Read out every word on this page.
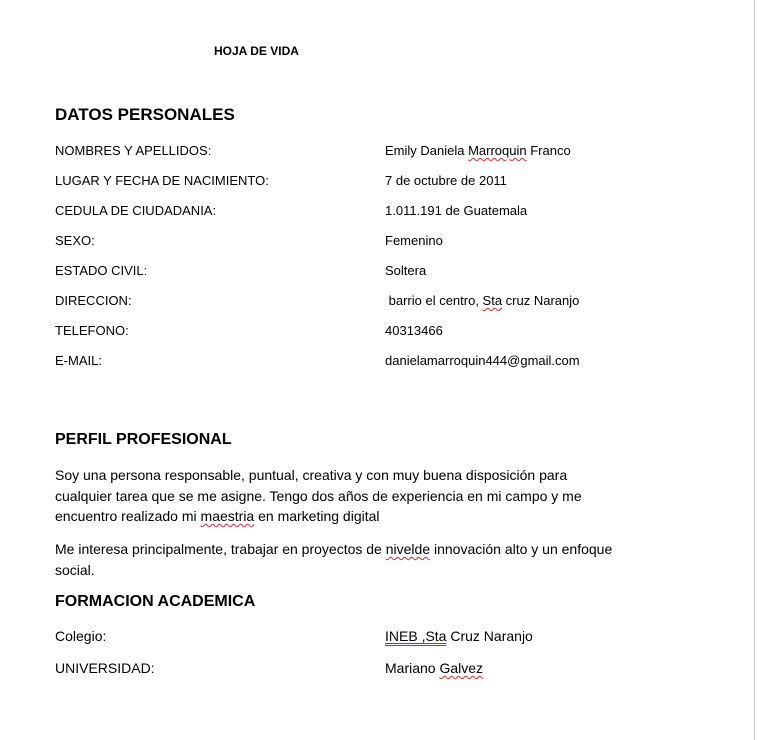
HOJA DE VIDA
DATOS PERSONALES
NOMBRES Y APELLIDOS:	Emily Daniela Marroquin Franco
LUGAR Y FECHA DE NACIMIENTO:	7 de octubre de 2011
CEDULA DE CIUDADANIA:	1.011.191 de Guatemala
SEXO:	Femenino
ESTADO CIVIL:	Soltera
DIRECCION:	barrio el centro, Sta cruz Naranjo
TELEFONO:	40313466
E-MAIL:	danielamarroquin444@gmail.com
PERFIL PROFESIONAL
Soy una persona responsable, puntual, creativa y con muy buena disposición para cualquier tarea que se me asigne. Tengo dos años de experiencia en mi campo y me encuentro realizado mi maestria en marketing digital
Me interesa principalmente, trabajar en proyectos de nivelde innovación alto y un enfoque social.
FORMACION ACADEMICA
Colegio:	INEB ,Sta Cruz Naranjo
UNIVERSIDAD:	Mariano Galvez
